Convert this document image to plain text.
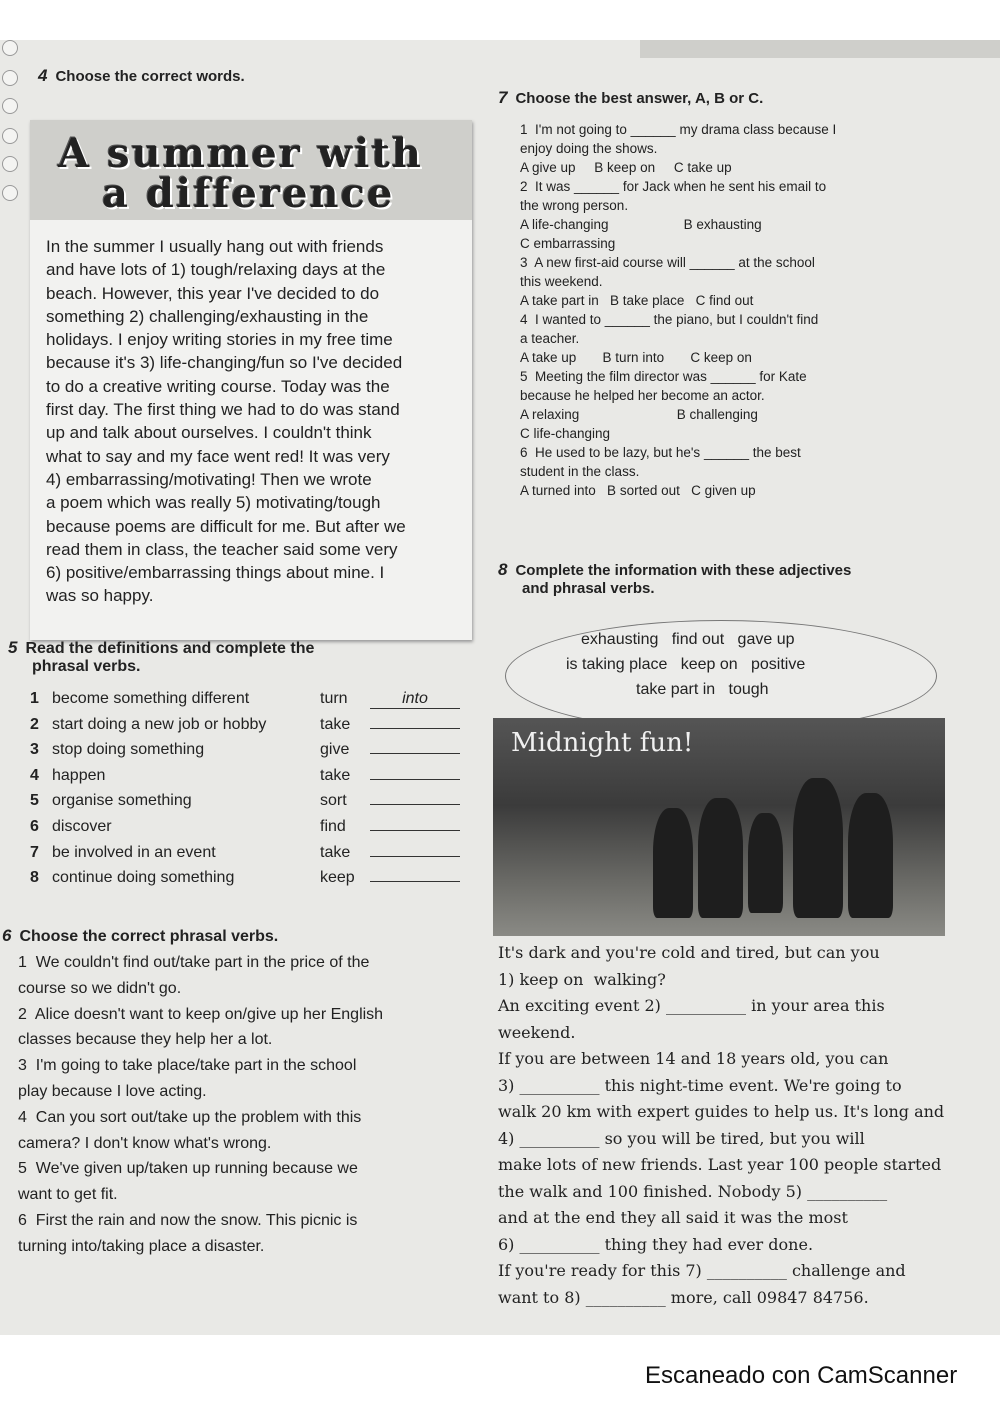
4 Choose the correct words.
A summer with
a difference
In the summer I usually hang out with friends
and have lots of 1) tough/relaxing days at the
beach. However, this year I've decided to do
something 2) challenging/exhausting in the
holidays. I enjoy writing stories in my free time
because it's 3) life-changing/fun so I've decided
to do a creative writing course. Today was the
first day. The first thing we had to do was stand
up and talk about ourselves. I couldn't think
what to say and my face went red! It was very
4) embarrassing/motivating! Then we wrote
a poem which was really 5) motivating/tough
because poems are difficult for me. But after we
read them in class, the teacher said some very
6) positive/embarrassing things about mine. I
was so happy.
7 Choose the best answer, A, B or C.
1  I'm not going to ______ my drama class because I
enjoy doing the shows.
A give up     B keep on     C take up
2  It was ______ for Jack when he sent his email to
the wrong person.
A life-changing                    B exhausting
C embarrassing
3  A new first-aid course will ______ at the school
this weekend.
A take part in   B take place   C find out
4  I wanted to ______ the piano, but I couldn't find
a teacher.
A take up       B turn into       C keep on
5  Meeting the film director was ______ for Kate
because he helped her become an actor.
A relaxing                          B challenging
C life-changing
6  He used to be lazy, but he's ______ the best
student in the class.
A turned into   B sorted out   C given up
8 Complete the information with these adjectives
and phrasal verbs.
exhausting   find out   gave up
is taking place   keep on   positive
take part in   tough
Midnight fun!
It's dark and you're cold and tired, but can you
1) keep on  walking?
An exciting event 2) __________ in your area this
weekend.
If you are between 14 and 18 years old, you can
3) __________ this night-time event. We're going to
walk 20 km with expert guides to help us. It's long and
4) __________ so you will be tired, but you will
make lots of new friends. Last year 100 people started
the walk and 100 finished. Nobody 5) __________
and at the end they all said it was the most
6) __________ thing they had ever done.
If you're ready for this 7) __________ challenge and
want to 8) __________ more, call 09847 84756.
5 Read the definitions and complete the
phrasal verbs.
1 become something different	turn	into
2 start doing a new job or hobby	take
3 stop doing something	give
4 happen	take
5 organise something	sort
6 discover	find
7 be involved in an event	take
8 continue doing something	keep
6 Choose the correct phrasal verbs.
1  We couldn't find out/take part in the price of the
course so we didn't go.
2  Alice doesn't want to keep on/give up her English
classes because they help her a lot.
3  I'm going to take place/take part in the school
play because I love acting.
4  Can you sort out/take up the problem with this
camera? I don't know what's wrong.
5  We've given up/taken up running because we
want to get fit.
6  First the rain and now the snow. This picnic is
turning into/taking place a disaster.
Escaneado con CamScanner
